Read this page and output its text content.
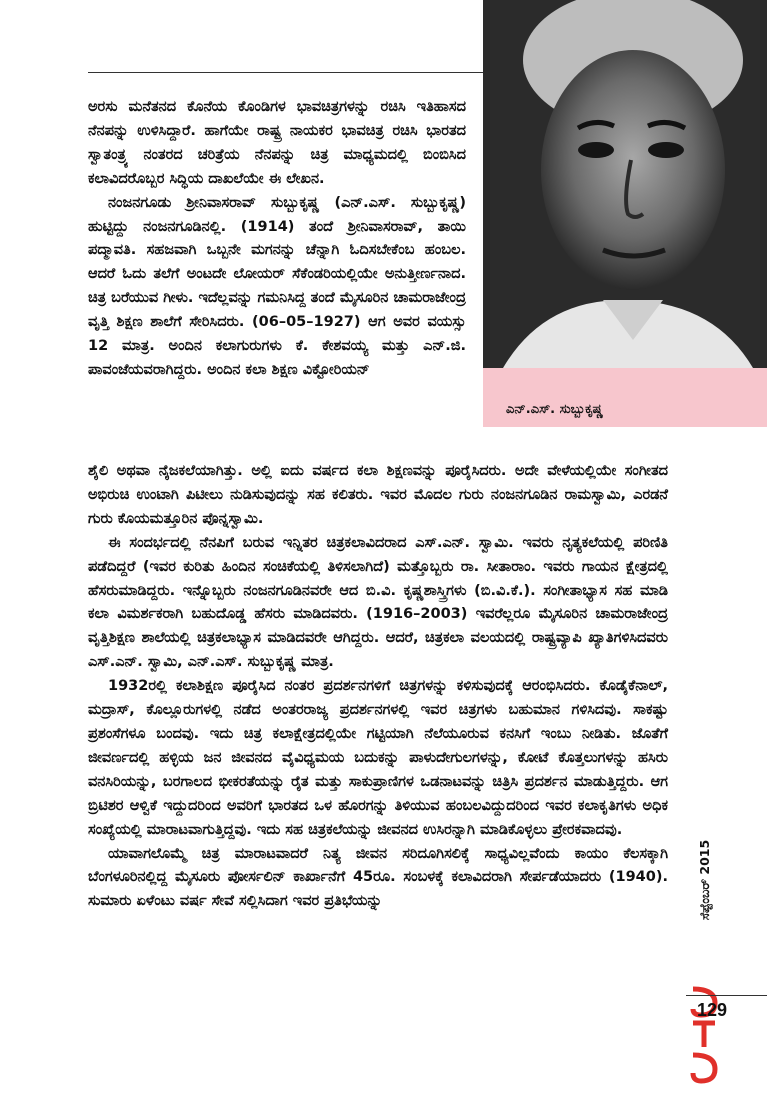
ಎನ್.ಎಸ್. ಸುಬ್ಬುಕೃಷ್ಣ

ಅರಸು ಮನೆತನದ ಕೊನೆಯ ಕೊಂಡಿಗಳ ಭಾವಚಿತ್ರಗಳನ್ನು ರಚಿಸಿ ಇತಿಹಾಸದ ನೆನಪನ್ನು ಉಳಿಸಿದ್ದಾರೆ. ಹಾಗೆಯೇ ರಾಷ್ಟ್ರ ನಾಯಕರ ಭಾವಚಿತ್ರ ರಚಿಸಿ ಭಾರತದ ಸ್ವಾತಂತ್ರ್ಯ ನಂತರದ ಚರಿತ್ರೆಯ ನೆನಪನ್ನು ಚಿತ್ರ ಮಾಧ್ಯಮದಲ್ಲಿ ಬಿಂಬಿಸಿದ ಕಲಾವಿದರೊಬ್ಬರ ಸಿದ್ಧಿಯ ದಾಖಲೆಯೇ ಈ ಲೇಖನ.

ನಂಜನಗೂಡು ಶ್ರೀನಿವಾಸರಾವ್ ಸುಬ್ಬುಕೃಷ್ಣ (ಎನ್.ಎಸ್. ಸುಬ್ಬುಕೃಷ್ಣ) ಹುಟ್ಟಿದ್ದು ನಂಜನಗೂಡಿನಲ್ಲಿ. (1914) ತಂದೆ ಶ್ರೀನಿವಾಸರಾವ್, ತಾಯಿ ಪದ್ಮಾವತಿ. ಸಹಜವಾಗಿ ಒಬ್ಬನೇ ಮಗನನ್ನು ಚೆನ್ನಾಗಿ ಓದಿಸಬೇಕೆಂಬ ಹಂಬಲ. ಆದರೆ ಓದು ತಲೆಗೆ ಅಂಟದೇ ಲೋಯರ್ ಸೆಕೆಂಡರಿಯಲ್ಲಿಯೇ ಅನುತ್ತೀರ್ಣನಾದ. ಚಿತ್ರ ಬರೆಯುವ ಗೀಳು. ಇದೆಲ್ಲವನ್ನು ಗಮನಿಸಿದ್ದ ತಂದೆ ಮೈಸೂರಿನ ಚಾಮರಾಜೇಂದ್ರ ವೃತ್ತಿ ಶಿಕ್ಷಣ ಶಾಲೆಗೆ ಸೇರಿಸಿದರು. (06–05–1927) ಆಗ ಅವರ ವಯಸ್ಸು 12 ಮಾತ್ರ. ಅಂದಿನ ಕಲಾಗುರುಗಳು ಕೆ. ಕೇಶವಯ್ಯ ಮತ್ತು ಎನ್.ಜಿ. ಪಾವಂಜೆಯವರಾಗಿದ್ದರು. ಅಂದಿನ ಕಲಾ ಶಿಕ್ಷಣ ವಿಕ್ಟೋರಿಯನ್

ಶೈಲಿ ಅಥವಾ ನೈಜಕಲೆಯಾಗಿತ್ತು. ಅಲ್ಲಿ ಐದು ವರ್ಷದ ಕಲಾ ಶಿಕ್ಷಣವನ್ನು ಪೂರೈಸಿದರು. ಅದೇ ವೇಳೆಯಲ್ಲಿಯೇ ಸಂಗೀತದ ಅಭಿರುಚಿ ಉಂಟಾಗಿ ಪಿಟೀಲು ನುಡಿಸುವುದನ್ನು ಸಹ ಕಲಿತರು. ಇವರ ಮೊದಲ ಗುರು ನಂಜನಗೂಡಿನ ರಾಮಸ್ವಾಮಿ, ಎರಡನೆ ಗುರು ಕೊಯಮತ್ತೂರಿನ ಪೊನ್ನಸ್ವಾಮಿ.

ಈ ಸಂದರ್ಭದಲ್ಲಿ ನೆನಪಿಗೆ ಬರುವ ಇನ್ನಿತರ ಚಿತ್ರಕಲಾವಿದರಾದ ಎಸ್.ಎನ್. ಸ್ವಾಮಿ. ಇವರು ನೃತ್ಯಕಲೆಯಲ್ಲಿ ಪರಿಣಿತಿ ಪಡೆದಿದ್ದರೆ (ಇವರ ಕುರಿತು ಹಿಂದಿನ ಸಂಚಿಕೆಯಲ್ಲಿ ತಿಳಿಸಲಾಗಿದೆ) ಮತ್ತೊಬ್ಬರು ರಾ. ಸೀತಾರಾಂ. ಇವರು ಗಾಯನ ಕ್ಷೇತ್ರದಲ್ಲಿ ಹೆಸರುಮಾಡಿದ್ದರು. ಇನ್ನೊಬ್ಬರು ನಂಜನಗೂಡಿನವರೇ ಆದ ಬಿ.ವಿ. ಕೃಷ್ಣಶಾಸ್ತ್ರಿಗಳು (ಬಿ.ವಿ.ಕೆ.). ಸಂಗೀತಾಭ್ಯಾಸ ಸಹ ಮಾಡಿ ಕಲಾ ವಿಮರ್ಶಕರಾಗಿ ಬಹುದೊಡ್ಡ ಹೆಸರು ಮಾಡಿದವರು. (1916–2003) ಇವರೆಲ್ಲರೂ ಮೈಸೂರಿನ ಚಾಮರಾಜೇಂದ್ರ ವೃತ್ತಿಶಿಕ್ಷಣ ಶಾಲೆಯಲ್ಲಿ ಚಿತ್ರಕಲಾಭ್ಯಾಸ ಮಾಡಿದವರೇ ಆಗಿದ್ದರು. ಆದರೆ, ಚಿತ್ರಕಲಾ ವಲಯದಲ್ಲಿ ರಾಷ್ಟ್ರವ್ಯಾಪಿ ಖ್ಯಾತಿಗಳಿಸಿದವರು ಎಸ್.ಎನ್. ಸ್ವಾಮಿ, ಎನ್.ಎಸ್. ಸುಬ್ಬುಕೃಷ್ಣ ಮಾತ್ರ.

1932ರಲ್ಲಿ ಕಲಾಶಿಕ್ಷಣ ಪೂರೈಸಿದ ನಂತರ ಪ್ರದರ್ಶನಗಳಿಗೆ ಚಿತ್ರಗಳನ್ನು ಕಳಿಸುವುದಕ್ಕೆ ಆರಂಭಿಸಿದರು. ಕೊಡೈಕೆನಾಲ್, ಮದ್ರಾಸ್, ಕೊಲ್ಲೂರುಗಳಲ್ಲಿ ನಡೆದ ಅಂತರರಾಜ್ಯ ಪ್ರದರ್ಶನಗಳಲ್ಲಿ ಇವರ ಚಿತ್ರಗಳು ಬಹುಮಾನ ಗಳಿಸಿದವು. ಸಾಕಷ್ಟು ಪ್ರಶಂಸೆಗಳೂ ಬಂದವು. ಇದು ಚಿತ್ರ ಕಲಾಕ್ಷೇತ್ರದಲ್ಲಿಯೇ ಗಟ್ಟಿಯಾಗಿ ನೆಲೆಯೂರುವ ಕನಸಿಗೆ ಇಂಬು ನೀಡಿತು. ಜೊತೆಗೆ ಜೀವರ್ಣದಲ್ಲಿ ಹಳ್ಳಿಯ ಜನ ಜೀವನದ ವೈವಿಧ್ಯಮಯ ಬದುಕನ್ನು ಪಾಳುದೇಗುಲಗಳನ್ನು, ಕೋಟೆ ಕೊತ್ತಲುಗಳನ್ನು ಹಸಿರು ವನಸಿರಿಯನ್ನು, ಬರಗಾಲದ ಭೀಕರತೆಯನ್ನು ರೈತ ಮತ್ತು ಸಾಕುಪ್ರಾಣಿಗಳ ಒಡನಾಟವನ್ನು ಚಿತ್ರಿಸಿ ಪ್ರದರ್ಶನ ಮಾಡುತ್ತಿದ್ದರು. ಆಗ ಬ್ರಿಟಿಶರ ಆಳ್ವಿಕೆ ಇದ್ದುದರಿಂದ ಅವರಿಗೆ ಭಾರತದ ಒಳ ಹೊರಗನ್ನು ತಿಳಿಯುವ ಹಂಬಲವಿದ್ದುದರಿಂದ ಇವರ ಕಲಾಕೃತಿಗಳು ಅಧಿಕ ಸಂಖ್ಯೆಯಲ್ಲಿ ಮಾರಾಟವಾಗುತ್ತಿದ್ದವು. ಇದು ಸಹ ಚಿತ್ರಕಲೆಯನ್ನು ಜೀವನದ ಉಸಿರನ್ನಾಗಿ ಮಾಡಿಕೊಳ್ಳಲು ಪ್ರೇರಕವಾದವು.

ಯಾವಾಗಲೊಮ್ಮೆ ಚಿತ್ರ ಮಾರಾಟವಾದರೆ ನಿತ್ಯ ಜೀವನ ಸರಿದೂಗಿಸಲಿಕ್ಕೆ ಸಾಧ್ಯವಿಲ್ಲವೆಂದು ಕಾಯಂ ಕೆಲಸಕ್ಕಾಗಿ ಬೆಂಗಳೂರಿನಲ್ಲಿದ್ದ ಮೈಸೂರು ಪೋರ್ಸಲಿನ್ ಕಾರ್ಖಾನೆಗೆ 45ರೂ. ಸಂಬಳಕ್ಕೆ ಕಲಾವಿದರಾಗಿ ಸೇರ್ಪಡೆಯಾದರು (1940). ಸುಮಾರು ಏಳೆಂಟು ವರ್ಷ ಸೇವೆ ಸಲ್ಲಿಸಿದಾಗ ಇವರ ಪ್ರತಿಭೆಯನ್ನು	ಸೆಪ್ಟೆಂಬರ್ 2015
129
